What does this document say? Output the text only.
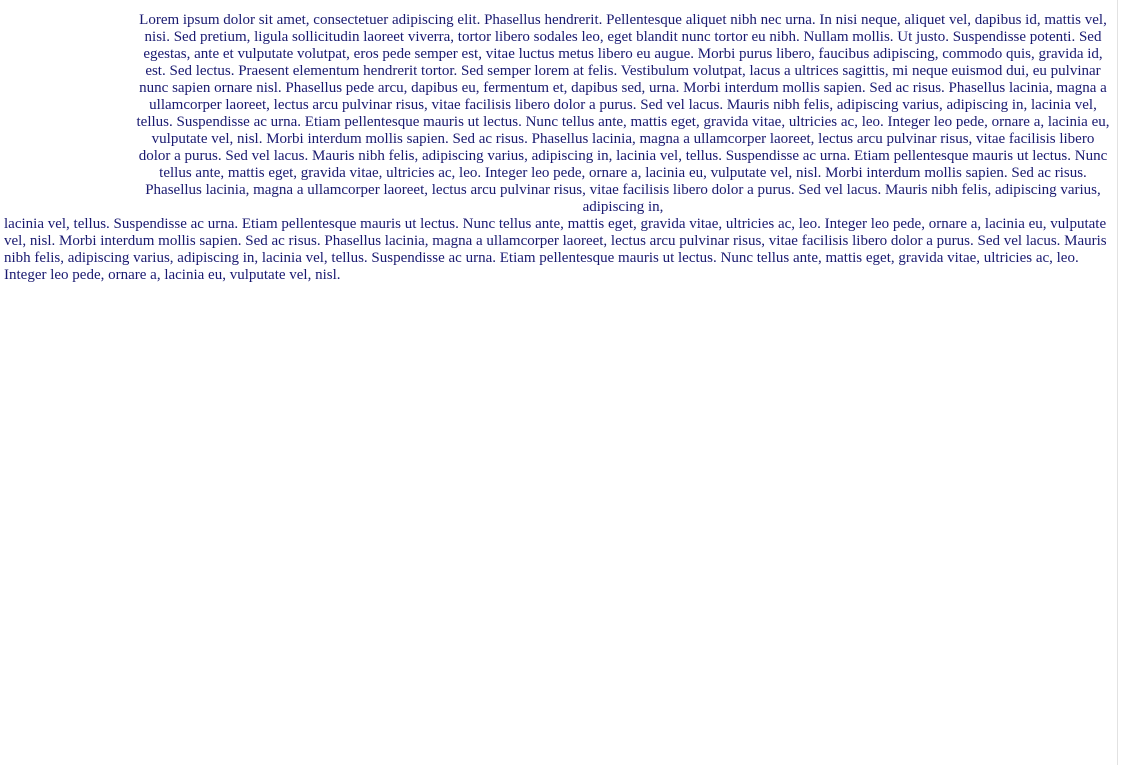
Lorem ipsum dolor sit amet, consectetuer adipiscing elit. Phasellus hendrerit. Pellentesque aliquet nibh nec urna. In nisi neque, aliquet vel, dapibus id, mattis vel, nisi. Sed pretium, ligula sollicitudin laoreet viverra, tortor libero sodales leo, eget blandit nunc tortor eu nibh. Nullam mollis. Ut justo. Suspendisse potenti. Sed egestas, ante et vulputate volutpat, eros pede semper est, vitae luctus metus libero eu augue. Morbi purus libero, faucibus adipiscing, commodo quis, gravida id, est. Sed lectus. Praesent elementum hendrerit tortor. Sed semper lorem at felis. Vestibulum volutpat, lacus a ultrices sagittis, mi neque euismod dui, eu pulvinar nunc sapien ornare nisl. Phasellus pede arcu, dapibus eu, fermentum et, dapibus sed, urna. Morbi interdum mollis sapien. Sed ac risus. Phasellus lacinia, magna a ullamcorper laoreet, lectus arcu pulvinar risus, vitae facilisis libero dolor a purus. Sed vel lacus. Mauris nibh felis, adipiscing varius, adipiscing in, lacinia vel, tellus. Suspendisse ac urna. Etiam pellentesque mauris ut lectus. Nunc tellus ante, mattis eget, gravida vitae, ultricies ac, leo. Integer leo pede, ornare a, lacinia eu, vulputate vel, nisl. Morbi interdum mollis sapien. Sed ac risus. Phasellus lacinia, magna a ullamcorper laoreet, lectus arcu pulvinar risus, vitae facilisis libero dolor a purus. Sed vel lacus. Mauris nibh felis, adipiscing varius, adipiscing in, lacinia vel, tellus. Suspendisse ac urna. Etiam pellentesque mauris ut lectus. Nunc tellus ante, mattis eget, gravida vitae, ultricies ac, leo. Integer leo pede, ornare a, lacinia eu, vulputate vel, nisl. Morbi interdum mollis sapien. Sed ac risus. Phasellus lacinia, magna a ullamcorper laoreet, lectus arcu pulvinar risus, vitae facilisis libero dolor a purus. Sed vel lacus. Mauris nibh felis, adipiscing varius, adipiscing in,
lacinia vel, tellus. Suspendisse ac urna. Etiam pellentesque mauris ut lectus. Nunc tellus ante, mattis eget, gravida vitae, ultricies ac, leo. Integer leo pede, ornare a, lacinia eu, vulputate vel, nisl. Morbi interdum mollis sapien. Sed ac risus. Phasellus lacinia, magna a ullamcorper laoreet, lectus arcu pulvinar risus, vitae facilisis libero dolor a purus. Sed vel lacus. Mauris nibh felis, adipiscing varius, adipiscing in, lacinia vel, tellus. Suspendisse ac urna. Etiam pellentesque mauris ut lectus. Nunc tellus ante, mattis eget, gravida vitae, ultricies ac, leo. Integer leo pede, ornare a, lacinia eu, vulputate vel, nisl.
